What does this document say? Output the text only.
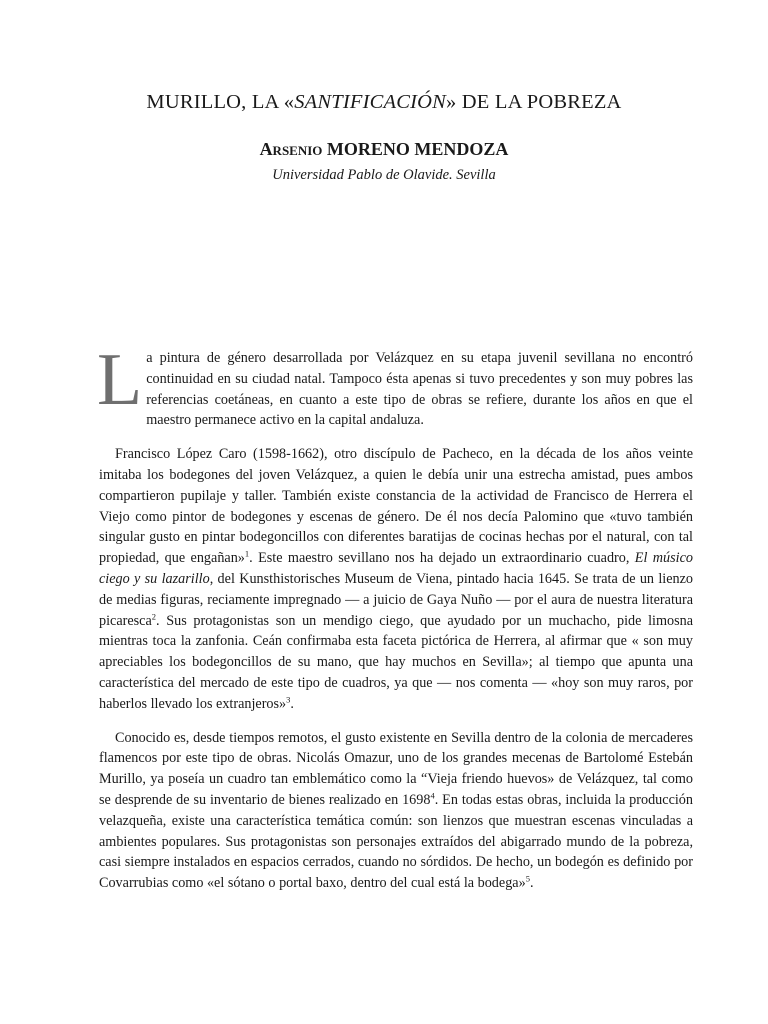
MURILLO, LA «SANTIFICACIÓN» DE LA POBREZA
Arsenio MORENO MENDOZA
Universidad Pablo de Olavide. Sevilla

La pintura de género desarrollada por Velázquez en su etapa juvenil sevillana no encontró continuidad en su ciudad natal. Tampoco ésta apenas si tuvo precedentes y son muy pobres las referencias coetáneas, en cuanto a este tipo de obras se refiere, durante los años en que el maestro permanece activo en la capital andaluza.

Francisco López Caro (1598-1662), otro discípulo de Pacheco, en la década de los años veinte imitaba los bodegones del joven Velázquez, a quien le debía unir una estrecha amistad, pues ambos compartieron pupilaje y taller. También existe constancia de la actividad de Francisco de Herrera el Viejo como pintor de bodegones y escenas de género. De él nos decía Palomino que «tuvo también singular gusto en pintar bodegoncillos con diferentes baratijas de cocinas hechas por el natural, con tal propiedad, que engañan»$^1$. Este maestro sevillano nos ha dejado un extraordinario cuadro, El músico ciego y su lazarillo, del Kunsthistorisches Museum de Viena, pintado hacia 1645. Se trata de un lienzo de medias figuras, reciamente impregnado — a juicio de Gaya Nuño — por el aura de nuestra literatura picaresca$^2$. Sus protagonistas son un mendigo ciego, que ayudado por un muchacho, pide limosna mientras toca la zanfonia. Ceán confirmaba esta faceta pictórica de Herrera, al afirmar que « son muy apreciables los bodegoncillos de su mano, que hay muchos en Sevilla»; al tiempo que apunta una característica del mercado de este tipo de cuadros, ya que — nos comenta — «hoy son muy raros, por haberlos llevado los extranjeros»$^3$.

Conocido es, desde tiempos remotos, el gusto existente en Sevilla dentro de la colonia de mercaderes flamencos por este tipo de obras. Nicolás Omazur, uno de los grandes mecenas de Bartolomé Estebán Murillo, ya poseía un cuadro tan emblemático como la “Vieja friendo huevos» de Velázquez, tal como se desprende de su inventario de bienes realizado en 1698$^4$. En todas estas obras, incluida la producción velazqueña, existe una característica temática común: son lienzos que muestran escenas vinculadas a ambientes populares. Sus protagonistas son personajes extraídos del abigarrado mundo de la pobreza, casi siempre instalados en espacios cerrados, cuando no sórdidos. De hecho, un bodegón es definido por Covarrubias como «el sótano o portal baxo, dentro del cual está la bodega»$^5$.
